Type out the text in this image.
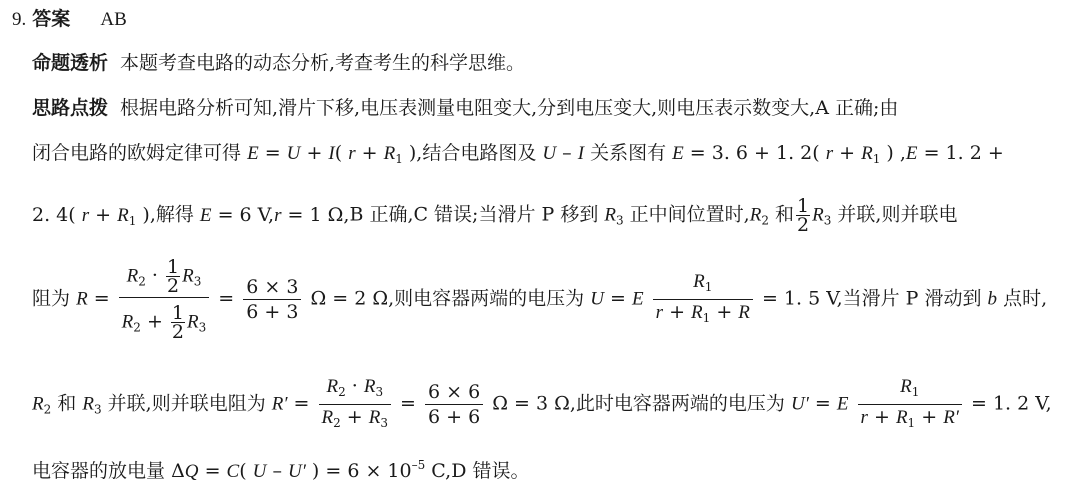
9. 答案 AB
命题透析 本题考查电路的动态分析,考查考生的科学思维。
思路点拨 根据电路分析可知,滑片下移,电压表测量电阻变大,分到电压变大,则电压表示数变大,A 正确;由
闭合电路的欧姆定律可得 E = U + I( $r + R_1$ ),结合电路图及 U – I 关系图有 E = 3. 6 + 1. 2( $r + R_1$ ) ,E = 1. 2 +
2. 4( $r + R_1$ ),解得 E = 6 V,r = 1 Ω,B 正确,C 错误;当滑片 P 移到 $R_3$ 正中间位置时$,R_2$ 和 $\frac{1}{2} R_3$ 并联,则并联电
阻为 $R = \frac{R_2 \cdot \frac{1}{2} R_3}{R_2 + \frac{1}{2} R_3} = \frac{6 \times 3}{6 + 3}$ Ω = 2 Ω,则电容器两端的电压为 U = E $\frac{R_1}{r + R_1 + R} = 1$. 5 V,当滑片 P 滑动到 b 点时,
$R_2$ 和 $R_3$ 并联,则并联电阻为 $R' = \frac{R_2 \cdot R_3}{R_2 + R_3} = \frac{6 \times 6}{6 + 6}$ Ω = 3 Ω,此时电容器两端的电压为 U′ = E $\frac{R_1}{r + R_1 + R'} = 1$. 2 V,
电容器的放电量 ΔQ = C( U – U′ ) = $6 \times 10^{-5}$ C,D 错误。
